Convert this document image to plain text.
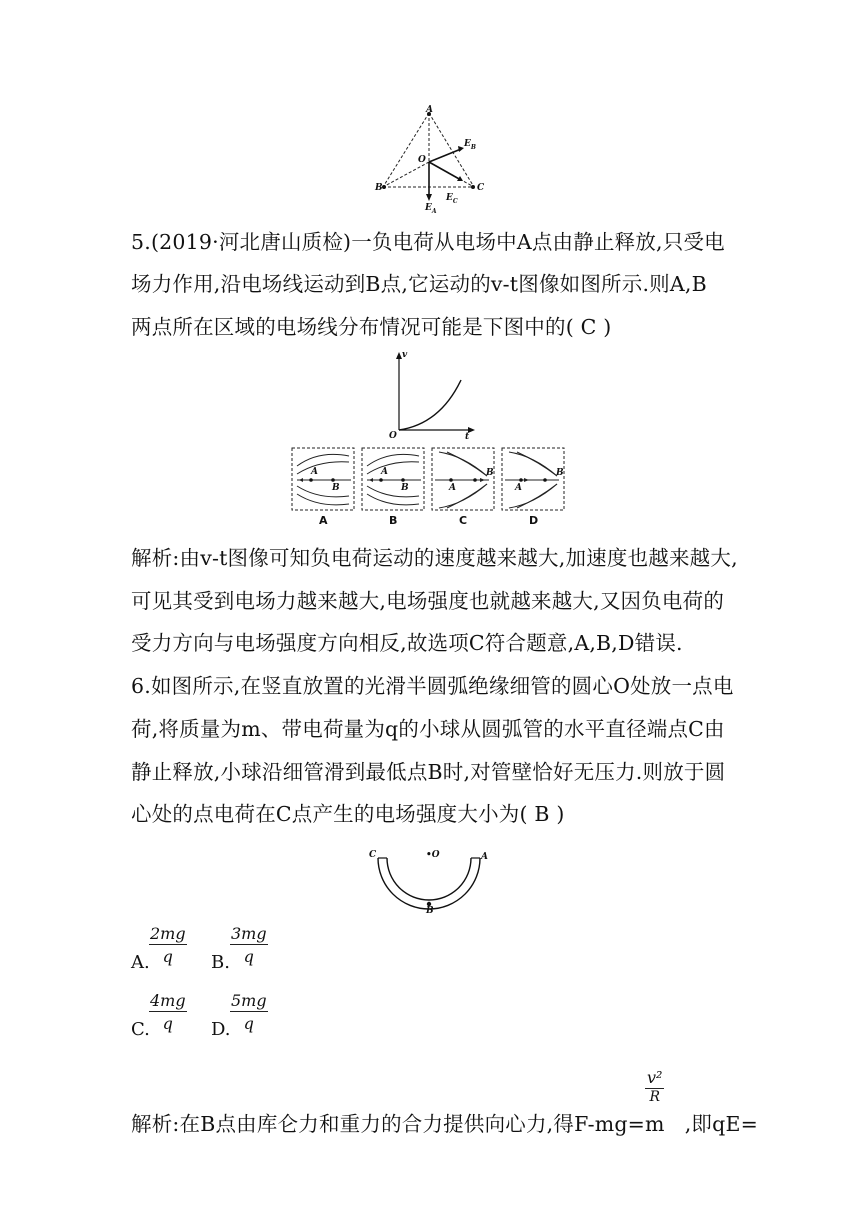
A
O
B	C
$E_B$
$E_C$
$E_A$
5.(2019·河北唐山质检)一负电荷从电场中A点由静止释放,只受电
场力作用,沿电场线运动到B点,它运动的v-t图像如图所示.则A,B
两点所在区域的电场线分布情况可能是下图中的( C )
v
t
O
A
B
A
B	A
B
A
B
A	B	C	D
解析:由v-t图像可知负电荷运动的速度越来越大,加速度也越来越大,
可见其受到电场力越来越大,电场强度也就越来越大,又因负电荷的
受力方向与电场强度方向相反,故选项C符合题意,A,B,D错误.
6.如图所示,在竖直放置的光滑半圆弧绝缘细管的圆心O处放一点电
荷,将质量为m、带电荷量为q的小球从圆弧管的水平直径端点C由
静止释放,小球沿细管滑到最低点B时,对管壁恰好无压力.则放于圆
心处的点电荷在C点产生的电场强度大小为( B )
C	•O	A
B
A. $\frac{2mg}{q} B$. $\frac{3mg}{q}$
C. $\frac{4mg}{q} D$. $\frac{5mg}{q}$
解析:在B点由库仑力和重力的合力提供向心力,得F-mg=m ,即qE=
$\frac{\text{v²}}{R}$
